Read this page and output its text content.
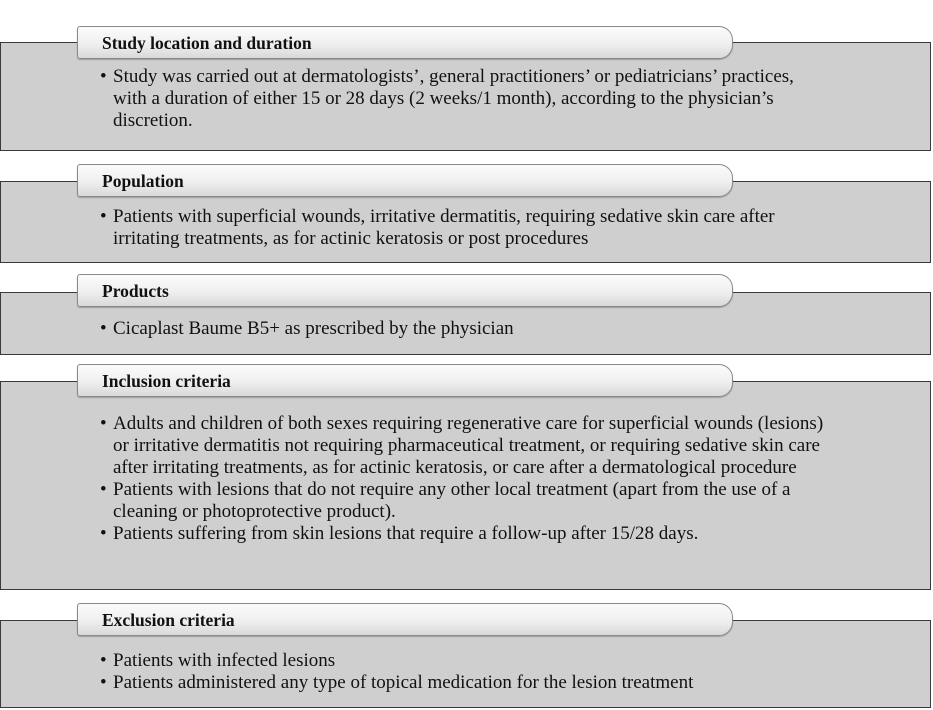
Study location and duration
• Study was carried out at dermatologists’, general practitioners’ or pediatricians’ practices, with a duration of either 15 or 28 days (2 weeks/1 month), according to the physician’s discretion.
Population
• Patients with superficial wounds, irritative dermatitis, requiring sedative skin care after irritating treatments, as for actinic keratosis or post procedures
Products
• Cicaplast Baume B5+ as prescribed by the physician
Inclusion criteria
• Adults and children of both sexes requiring regenerative care for superficial wounds (lesions) or irritative dermatitis not requiring pharmaceutical treatment, or requiring sedative skin care after irritating treatments, as for actinic keratosis, or care after a dermatological procedure
• Patients with lesions that do not require any other local treatment (apart from the use of a cleaning or photoprotective product).
• Patients suffering from skin lesions that require a follow-up after 15/28 days.
Exclusion criteria
• Patients with infected lesions
• Patients administered any type of topical medication for the lesion treatment
